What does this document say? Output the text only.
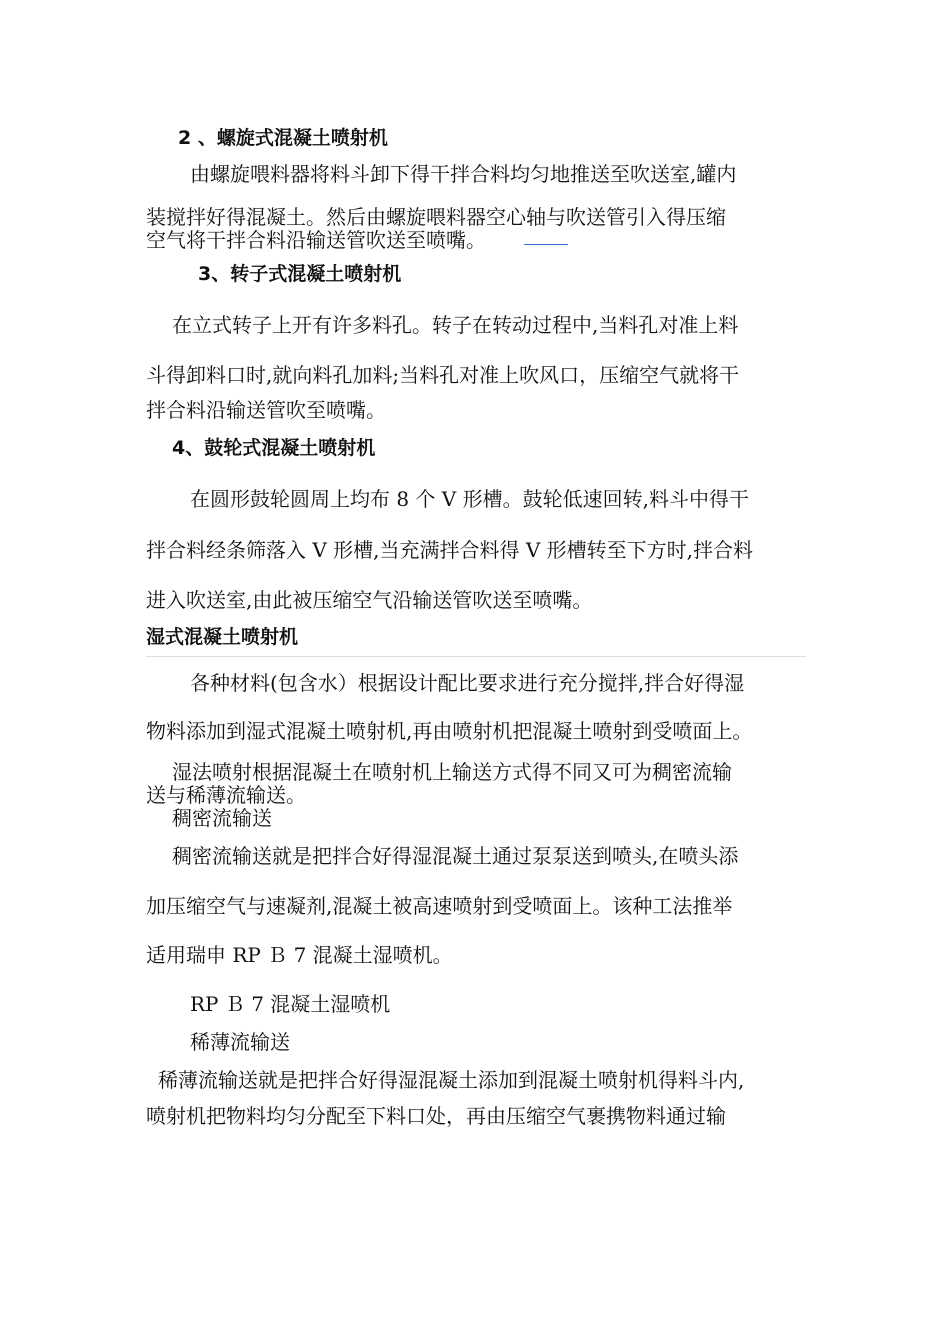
2 、螺旋式混凝土喷射机
由螺旋喂料器将料斗卸下得干拌合料均匀地推送至吹送室,罐内
装搅拌好得混凝土。然后由螺旋喂料器空心轴与吹送管引入得压缩
空气将干拌合料沿输送管吹送至喷嘴。
3、转子式混凝土喷射机
在立式转子上开有许多料孔。转子在转动过程中,当料孔对准上料
斗得卸料口时,就向料孔加料;当料孔对准上吹风口，压缩空气就将干
拌合料沿输送管吹至喷嘴。
4、鼓轮式混凝土喷射机
在圆形鼓轮圆周上均布 8 个 V 形槽。鼓轮低速回转,料斗中得干
拌合料经条筛落入 V 形槽,当充满拌合料得 V 形槽转至下方时,拌合料
进入吹送室,由此被压缩空气沿输送管吹送至喷嘴。
湿式混凝土喷射机
各种材料(包含水）根据设计配比要求进行充分搅拌,拌合好得湿
物料添加到湿式混凝土喷射机,再由喷射机把混凝土喷射到受喷面上。
湿法喷射根据混凝土在喷射机上输送方式得不同又可为稠密流输
送与稀薄流输送。
稠密流输送
稠密流输送就是把拌合好得湿混凝土通过泵泵送到喷头,在喷头添
加压缩空气与速凝剂,混凝土被高速喷射到受喷面上。该种工法推举
适用瑞申 RP Ｂ 7 混凝土湿喷机。
RP Ｂ 7 混凝土湿喷机
稀薄流输送
稀薄流输送就是把拌合好得湿混凝土添加到混凝土喷射机得料斗内,
喷射机把物料均匀分配至下料口处，再由压缩空气裹携物料通过输
